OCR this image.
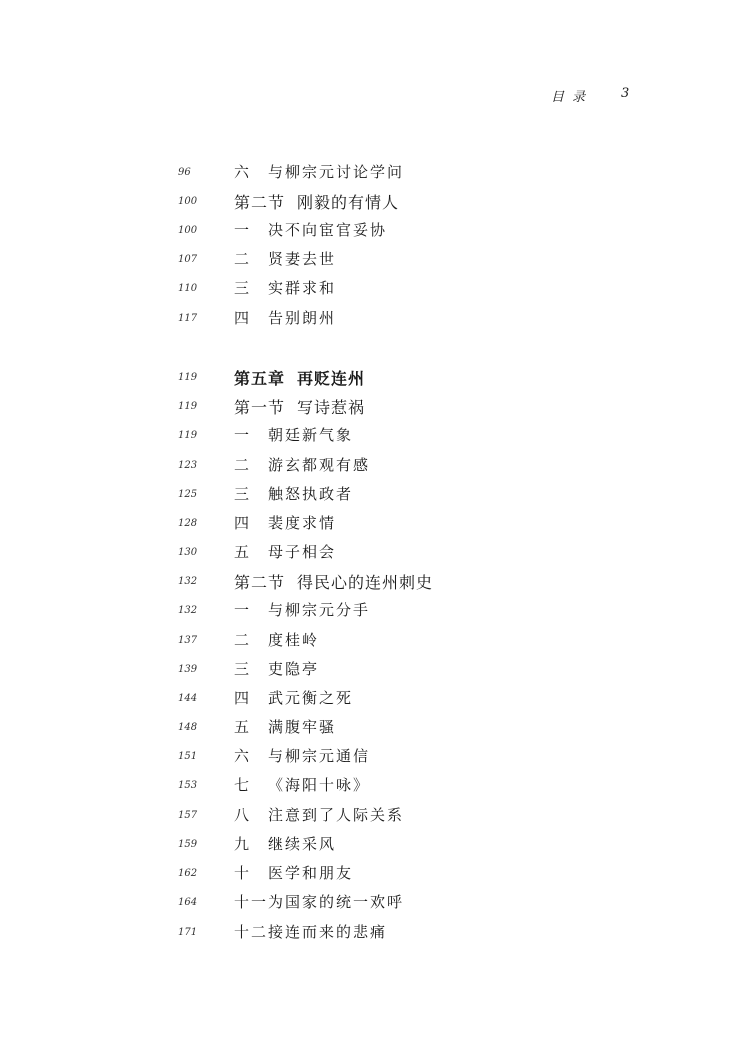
目 录	3
96	六 与柳宗元讨论学问
100 第二节 刚毅的有情人
100 一 决不向宦官妥协
107 二 贤妻去世
110 三 实群求和
117 四 告别朗州
119 第五章 再贬连州
119 第一节 写诗惹祸
119 一 朝廷新气象
123 二 游玄都观有感
125 三 触怒执政者
128 四 裴度求情
130 五 母子相会
132 第二节 得民心的连州刺史
132 一 与柳宗元分手
137 二 度桂岭
139 三 吏隐亭
144 四 武元衡之死
148 五 满腹牢骚
151 六 与柳宗元通信
153 七 《海阳十咏》
157 八 注意到了人际关系
159 九 继续采风
162 十 医学和朋友
164 十一为国家的统一欢呼
171 十二接连而来的悲痛
